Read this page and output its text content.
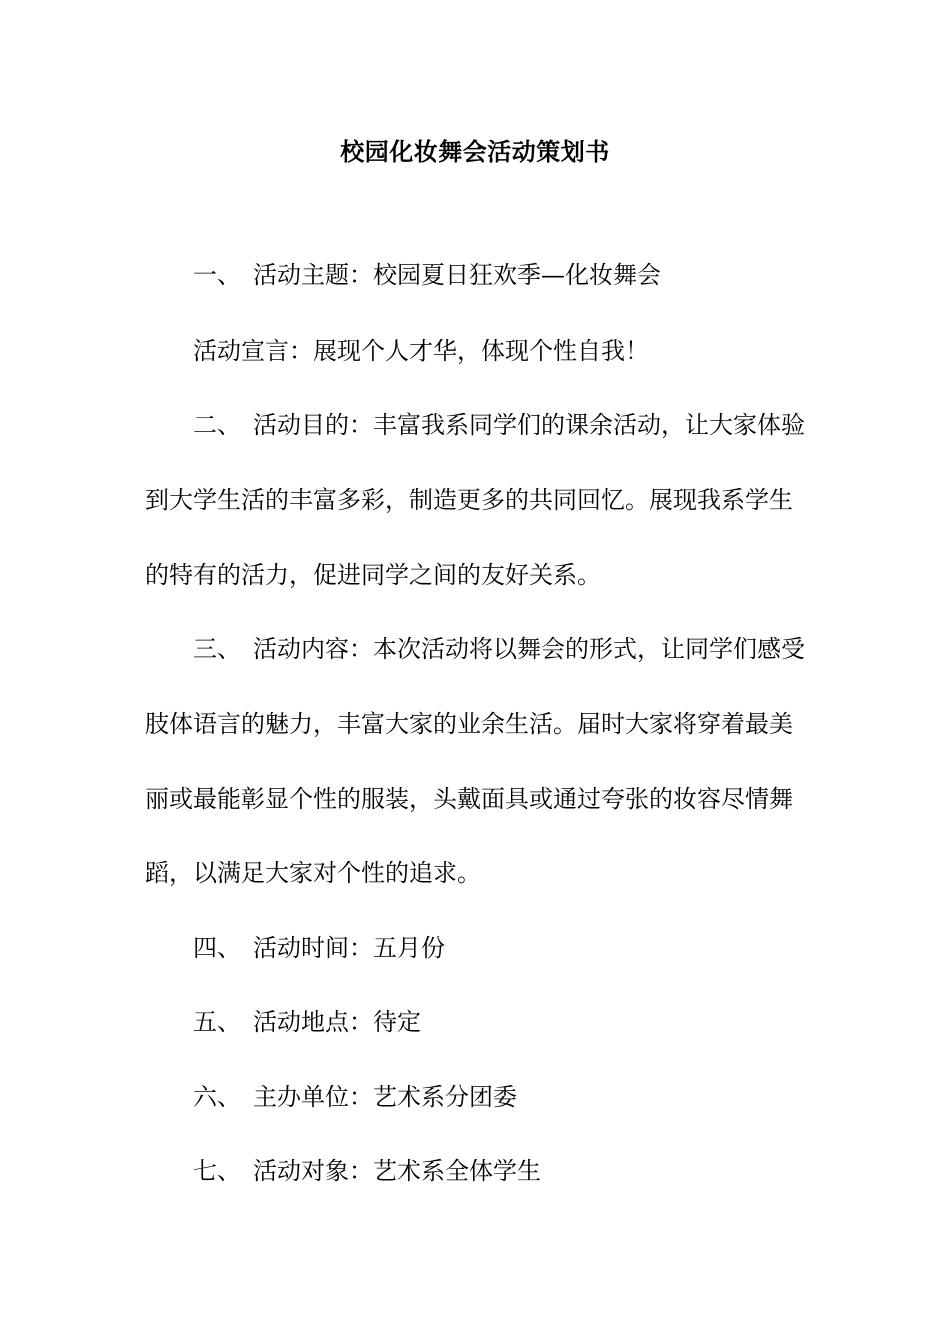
校园化妆舞会活动策划书
一、 活动主题：校园夏日狂欢季—化妆舞会
活动宣言：展现个人才华，体现个性自我！
二、 活动目的：丰富我系同学们的课余活动，让大家体验
到大学生活的丰富多彩，制造更多的共同回忆。展现我系学生
的特有的活力，促进同学之间的友好关系。
三、 活动内容：本次活动将以舞会的形式，让同学们感受
肢体语言的魅力，丰富大家的业余生活。届时大家将穿着最美
丽或最能彰显个性的服装，头戴面具或通过夸张的妆容尽情舞
蹈，以满足大家对个性的追求。
四、 活动时间：五月份
五、 活动地点：待定
六、 主办单位：艺术系分团委
七、 活动对象：艺术系全体学生
